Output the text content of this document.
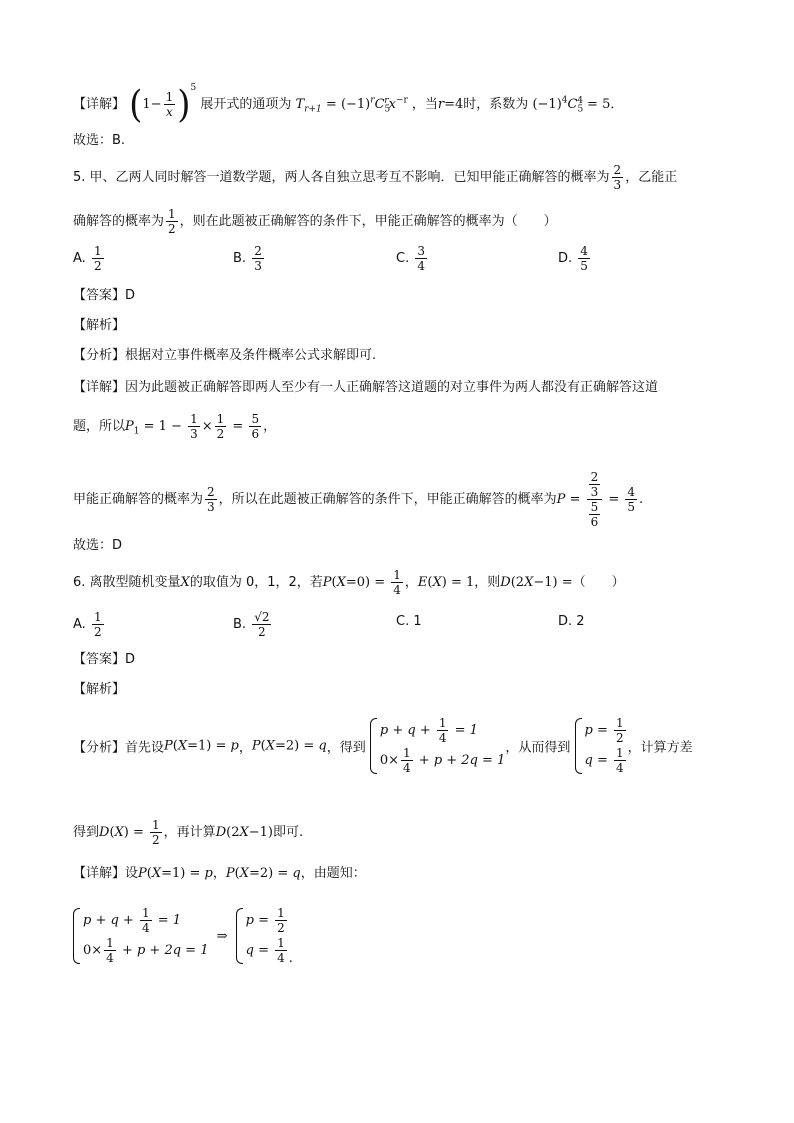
【详解】 $(1- \frac{1}{x} )^5$ 展开式的通项为 $T_{r+1} = (-1)^rC_5^rx^{-r}$ ，当r=4时，系数为 $(-1)^4C_5^4 = 5$．
故选：B.
5. 甲、乙两人同时解答一道数学题，两人各自独立思考互不影响．已知甲能正确解答的概率为 $\frac{2}{3}$ ，乙能正
确解答的概率为 $\frac{1}{2}$ ，则在此题被正确解答的条件下，甲能正确解答的概率为（　　）
A. $\frac{1}{2}$	B. $\frac{2}{3}$	C. $\frac{3}{4}$	D. $\frac{4}{5}$
【答案】D
【解析】
【分析】根据对立事件概率及条件概率公式求解即可.
【详解】因为此题被正确解答即两人至少有一人正确解答这道题的对立事件为两人都没有正确解答这道
题，所以$P_1 = 1 - \frac{1}{3} \times \frac{1}{2} = \frac{5}{6}$ ，
甲能正确解答的概率为 $\frac{2}{3}$ ，所以在此题被正确解答的条件下，甲能正确解答的概率为$P = \frac{\frac{2}{3}}{\frac{5}{6}} = \frac{4}{5}$ .
故选：D
6. 离散型随机变量X的取值为 0，1，2，若$P(X=0) = \frac{1}{4}$ ，E(X) = 1，则D(2X−1) =（　　）
A. $\frac{1}{2}$	B. $\frac{√2}{2}$	C. 1	D. 2
【答案】D
【解析】
【分析】首先设P(X=1) = p，P(X=2) = q，得到
$p + q + \frac{1}{4} = 1$
$0\times \frac{1}{4} + p + 2q = 1$
，从而得到
$p = \frac{1}{2}$
$q = \frac{1}{4}$ ，计算方差
得到$D(X) = \frac{1}{2}$ ，再计算D(2X−1)即可.
【详解】设P(X=1) = p，P(X=2) = q，由题知：
$p + q + \frac{1}{4} = 1$
$0\times \frac{1}{4} + p + 2q = 1$
⇒
$p = \frac{1}{2}$
$q = \frac{1}{4}$ .
